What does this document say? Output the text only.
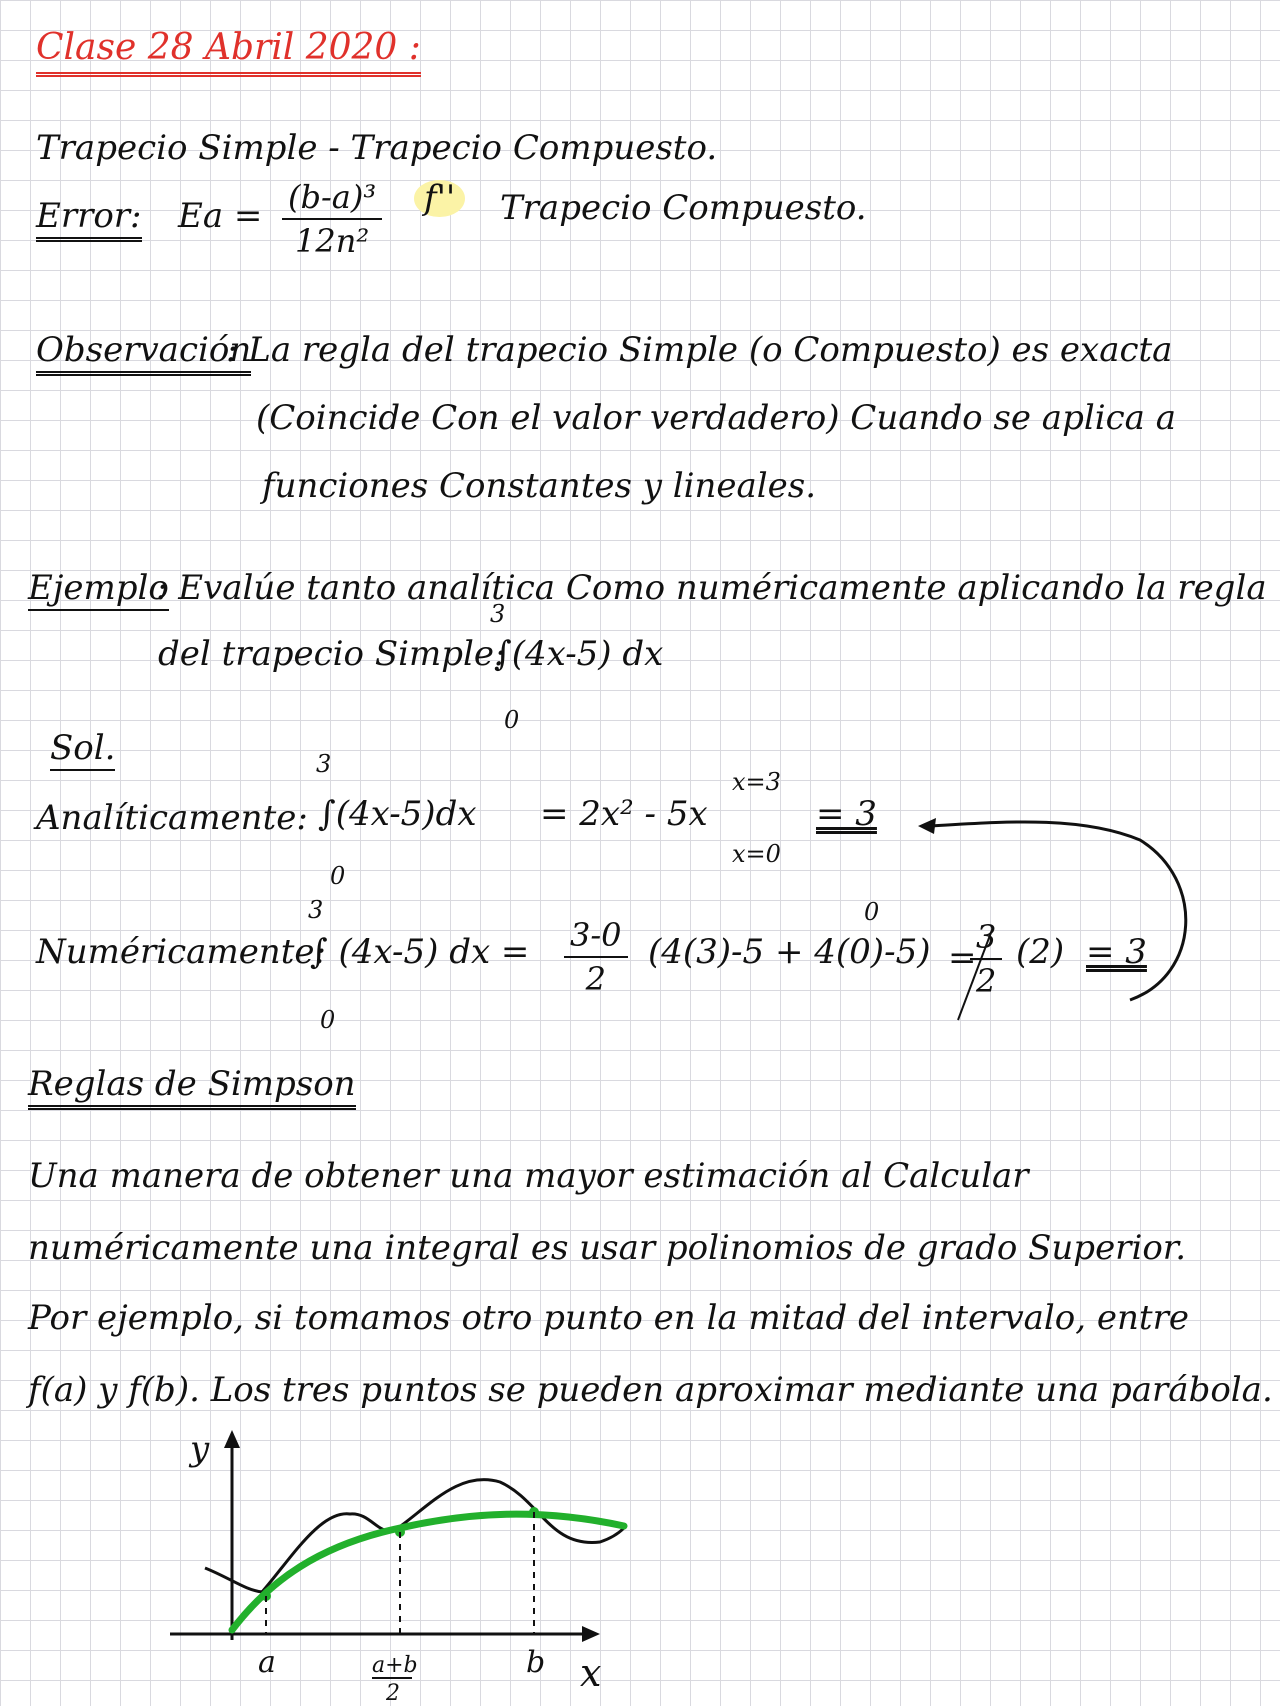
Clase 28 Abril 2020 :
Trapecio Simple - Trapecio Compuesto.
Error: $Ea = \frac{\text{(b-a)³}}{\text{12n²}} f''$ Trapecio Compuesto.
Observación
: La regla del trapecio Simple (o Compuesto) es exacta
(Coincide Con el valor verdadero) Cuando se aplica a
funciones Constantes y lineales.
Ejemplo
: Evalúe tanto analítica Como numéricamente aplicando la regla
del trapecio Simple:
3
∫(4x-5) dx
0
Sol.
Analíticamente:
3
∫(4x-5)dx
0
= 2x² - 5x
x=3
x=0
= 3
Numéricamente:
3
∫ (4x-5) dx =
0
$\frac{3-0}{2} (4(3)-5 + 4(0)-5)$
0
=
$\frac{3}{2} (2) = 3$
Reglas de Simpson
Una manera de obtener una mayor estimación al Calcular
numéricamente una integral es usar polinomios de grado Superior.
Por ejemplo, si tomamos otro punto en la mitad del intervalo, entre
f(a) y f(b). Los tres puntos se pueden aproximar mediante una parábola.
y
x
a	a+b
2
b
